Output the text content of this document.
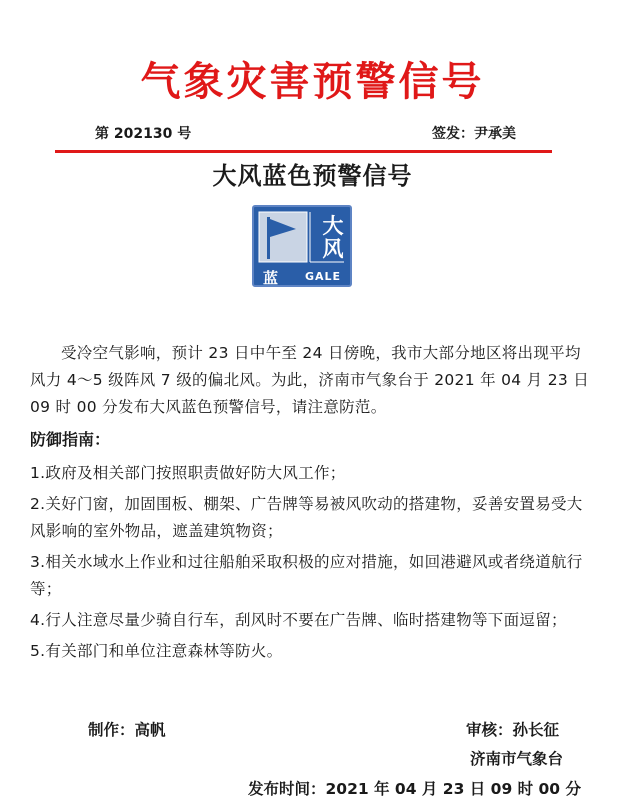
气象灾害预警信号
第 202130 号	签发：尹承美
大风蓝色预警信号
蓝
大
风
GALE

受冷空气影响，预计 23 日中午至 24 日傍晚，我市大部分地区将出现平均风力 4～5 级阵风 7 级的偏北风。为此，济南市气象台于 2021 年 04 月 23 日 09 时 00 分发布大风蓝色预警信号，请注意防范。

防御指南：
1.政府及相关部门按照职责做好防大风工作；
2.关好门窗，加固围板、棚架、广告牌等易被风吹动的搭建物，妥善安置易受大风影响的室外物品，遮盖建筑物资；
3.相关水域水上作业和过往船舶采取积极的应对措施，如回港避风或者绕道航行等；
4.行人注意尽量少骑自行车，刮风时不要在广告牌、临时搭建物等下面逗留；
5.有关部门和单位注意森林等防火。
制作：高帆	审核：孙长征
济南市气象台
发布时间：2021 年 04 月 23 日 09 时 00 分
